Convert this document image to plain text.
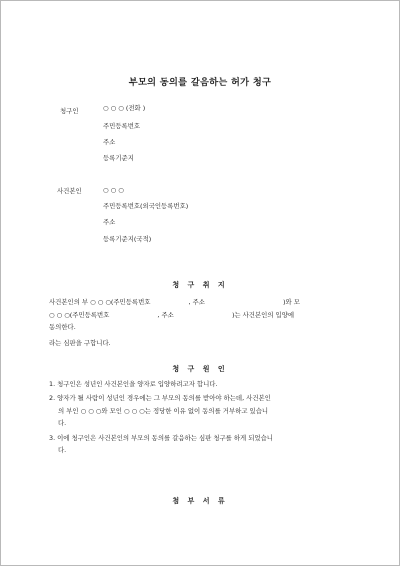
부모의 동의를 갈음하는 허가 청구
청구인	○ ○ ○ (전화 )
주민등록번호
주소
등록기준지
사건본인	○ ○ ○
주민등록번호(외국인등록번호)
주소
등록기준지(국적)
청 구 취 지
사건본인의 부 ○ ○ ○(주민등록번호	, 주소	)와 모
○ ○ ○(주민등록번호	, 주소	)는 사건본인의 입양에
동의한다.
라는 심판을 구합니다.
청 구 원 인
1. 청구인은 성년인 사건본인을 양자로 입양하려고자 합니다.
2. 양자가 될 사람이 성년인 경우에는 그 부모의 동의를 받아야 하는데, 사건본인
의 부인 ○ ○ ○와 모인 ○ ○ ○는 정당한 이유 없이 동의를 거부하고 있습니
다.
3. 이에 청구인은 사건본인의 부모의 동의를 갈음하는 심판 청구를 하게 되었습니
다.
첨 부 서 류
